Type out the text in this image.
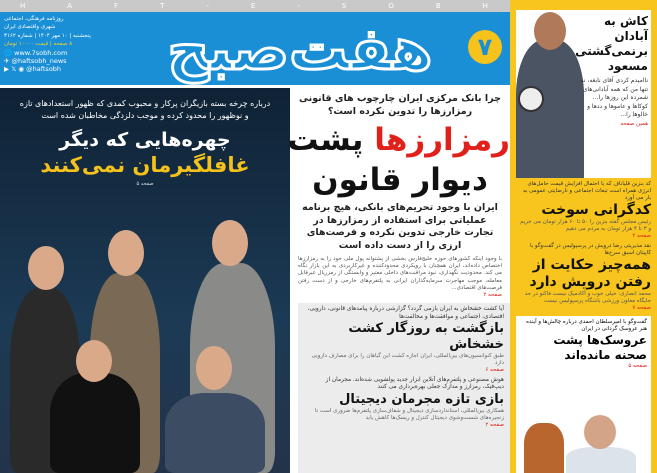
H	A	F	T	-	E	-	S	O	B	H
روزنامه فرهنگی، اجتماعی
شهری واقتصادی ایران
پنجشنبه | ۱۰ مهر ۱۴۰۴ | شماره ۳۱۶۲
۸ صفحه | قیمت ۱۰۰۰۰ تومان
🌐 www.7sobh.com
✈ @haftsobh_news
▶ 𝕏 ◉ @haftsobh	هفت‌صبح	۷
درباره چرخه بسته بازیگران پرکار و محبوب کمدی که ظهور استعدادهای تازه و نوظهور را محدود کرده و موجب دلزدگی مخاطبان شده است
چهره‌هایی که دیگر
غافلگیرمان نمی‌کنند
صفحه ۵
چرا بانک مرکزی ایران چارچوب های قانونی رمزارزها را تدوین نکرده است؟
رمزارزها پشت
دیوار قانون
ایران با وجود تحریم‌های بانکی، هیچ برنامه عملیاتی برای استفاده از رمزارزها در تجارت خارجی تدوین نکرده و فرصت‌های ارزی را از دست داده است
با وجود اینکه کشورهای حوزه خلیج‌فارس بخشی از پشتوانه پول ملی خود را به رمزارزها اختصاص داده‌اند، ایران همچنان با رویکردی محدودکننده و غیرکاربردی به این بازار نگاه می کند. محدودیت نگهداری، نبود مراقبت‌های داخلی معتبر و وابستگی از رمزریال غیرقابل معامله، موجب مهاجرت سرمایه‌گذاران ایرانی به پلتفرم‌های خارجی و از دست رفتن فرصت‌های اقتصادی...
صفحه ۲
آیا کشت خشخاش به ایران بازمی گردد؟ گزارشی درباره پیامدهای قانونی، دارویی، اقتصادی، اجتماعی و موافقت‌ها و مخالفت‌ها
بازگشت به روزگار کشت خشخاش
طبق کنوانسیون‌های بین‌المللی، ایران اجازه کشت این گیاهان را برای مصارف دارویی دارد
صفحه ۶
هوش مصنوعی و پلتفرم‌های آنلاین ابزار جدید پولشویی شده‌اند. مجرمان از دیپ‌فیک، رمزارز و مدارک جعلی بهره‌برداری می کنند
بازی تازه مجرمان دیجیتال
همکاری بین‌المللی، استانداردسازی دیجیتال و شفاف‌سازی پلتفرم‌ها ضروری است تا زنجیره‌های شست‌وشوی دیجیتال کنترل و ریسک‌ها کاهش یابد
صفحه ۲
کاش به آبادان برنمی‌گشتی مسعود
ناامیدم کردی آقای نابغه، نه تنها من که همه آبادانی‌های شمرده این روزها را... کوکاها و عاموها و ددها و خالوها را...
همین صفحه
کد بنزین قلیاناف که با احتمال افزایش قیمت حامل‌های انرژی همراه است تبعات اجتماعی و نارضایتی عمومی به بار می آورد
کدگرانی سوخت
رئیس مجلس گفته بنزین را ۵۰ تا ۶۰ هزار تومان می خریم و ۳ تا ۴ هزار تومان به مردم می دهیم
صفحه ۲
نقد مدیریتی رضا درویش در پرسپولیس در گفت‌وگو با کاپیتان اسبق سرخ‌ها
همه‌چیز حکایت از رفتن درویش دارد
محمد انصاری: خیلی خوب و آکادمیک نیست فاکتو در حد جایگاه معاون ورزشی باشگاه پرسپولیس نیست
صفحه ۷
گفت‌وگو با امیرسلطان احمدی درباره چالش‌ها و آینده هنر عروسک گردانی در ایران
عروسک‌ها پشت صحنه مانده‌اند
صفحه ۵
